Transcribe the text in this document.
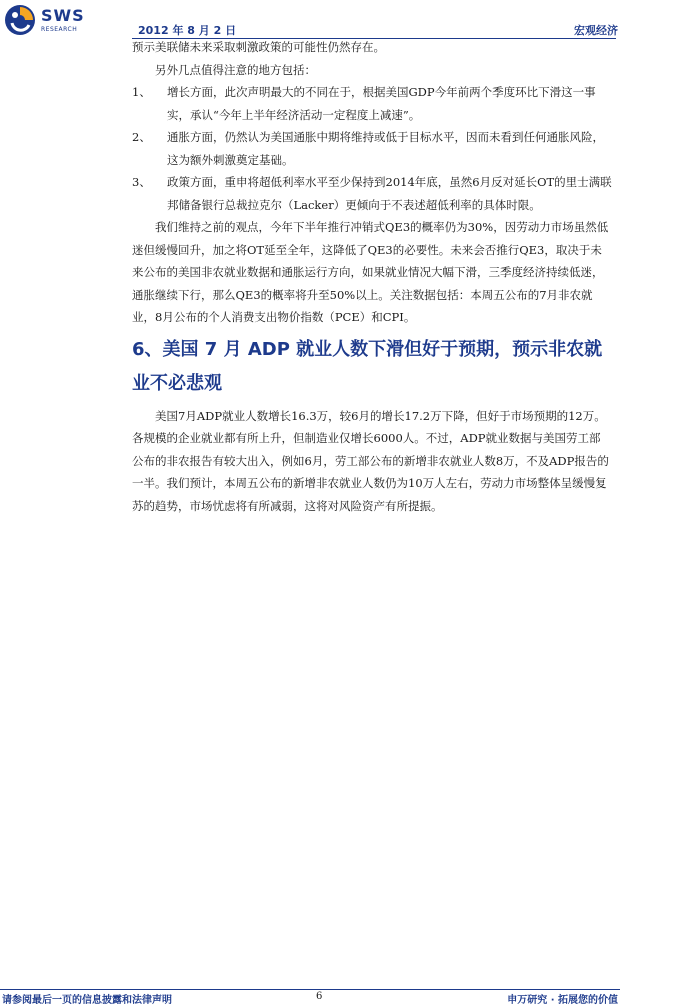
SWS
RESEARCH	2012 年 8 月 2 日	宏观经济

预示美联储未来采取刺激政策的可能性仍然存在。

另外几点值得注意的地方包括：

1、 增长方面，此次声明最大的不同在于，根据美国GDP今年前两个季度环比下滑这一事实，承认“今年上半年经济活动一定程度上减速”。
2、 通胀方面，仍然认为美国通胀中期将维持或低于目标水平，因而未看到任何通胀风险，这为额外刺激奠定基础。
3、 政策方面，重申将超低利率水平至少保持到2014年底，虽然6月反对延长OT的里士满联邦储备银行总裁拉克尔（Lacker）更倾向于不表述超低利率的具体时限。

我们维持之前的观点，今年下半年推行冲销式QE3的概率仍为30%，因劳动力市场虽然低迷但缓慢回升，加之将OT延至全年，这降低了QE3的必要性。未来会否推行QE3，取决于未来公布的美国非农就业数据和通胀运行方向，如果就业情况大幅下滑，三季度经济持续低迷，通胀继续下行，那么QE3的概率将升至50%以上。关注数据包括：本周五公布的7月非农就业，8月公布的个人消费支出物价指数（PCE）和CPI。

6、美国 7 月 ADP 就业人数下滑但好于预期，预示非农就业不必悲观

美国7月ADP就业人数增长16.3万，较6月的增长17.2万下降，但好于市场预期的12万。各规模的企业就业都有所上升，但制造业仅增长6000人。不过，ADP就业数据与美国劳工部公布的非农报告有较大出入，例如6月，劳工部公布的新增非农就业人数8万，不及ADP报告的一半。我们预计，本周五公布的新增非农就业人数仍为10万人左右，劳动力市场整体呈缓慢复苏的趋势，市场忧虑将有所减弱，这将对风险资产有所提振。

请参阅最后一页的信息披露和法律声明	6	申万研究 · 拓展您的价值
